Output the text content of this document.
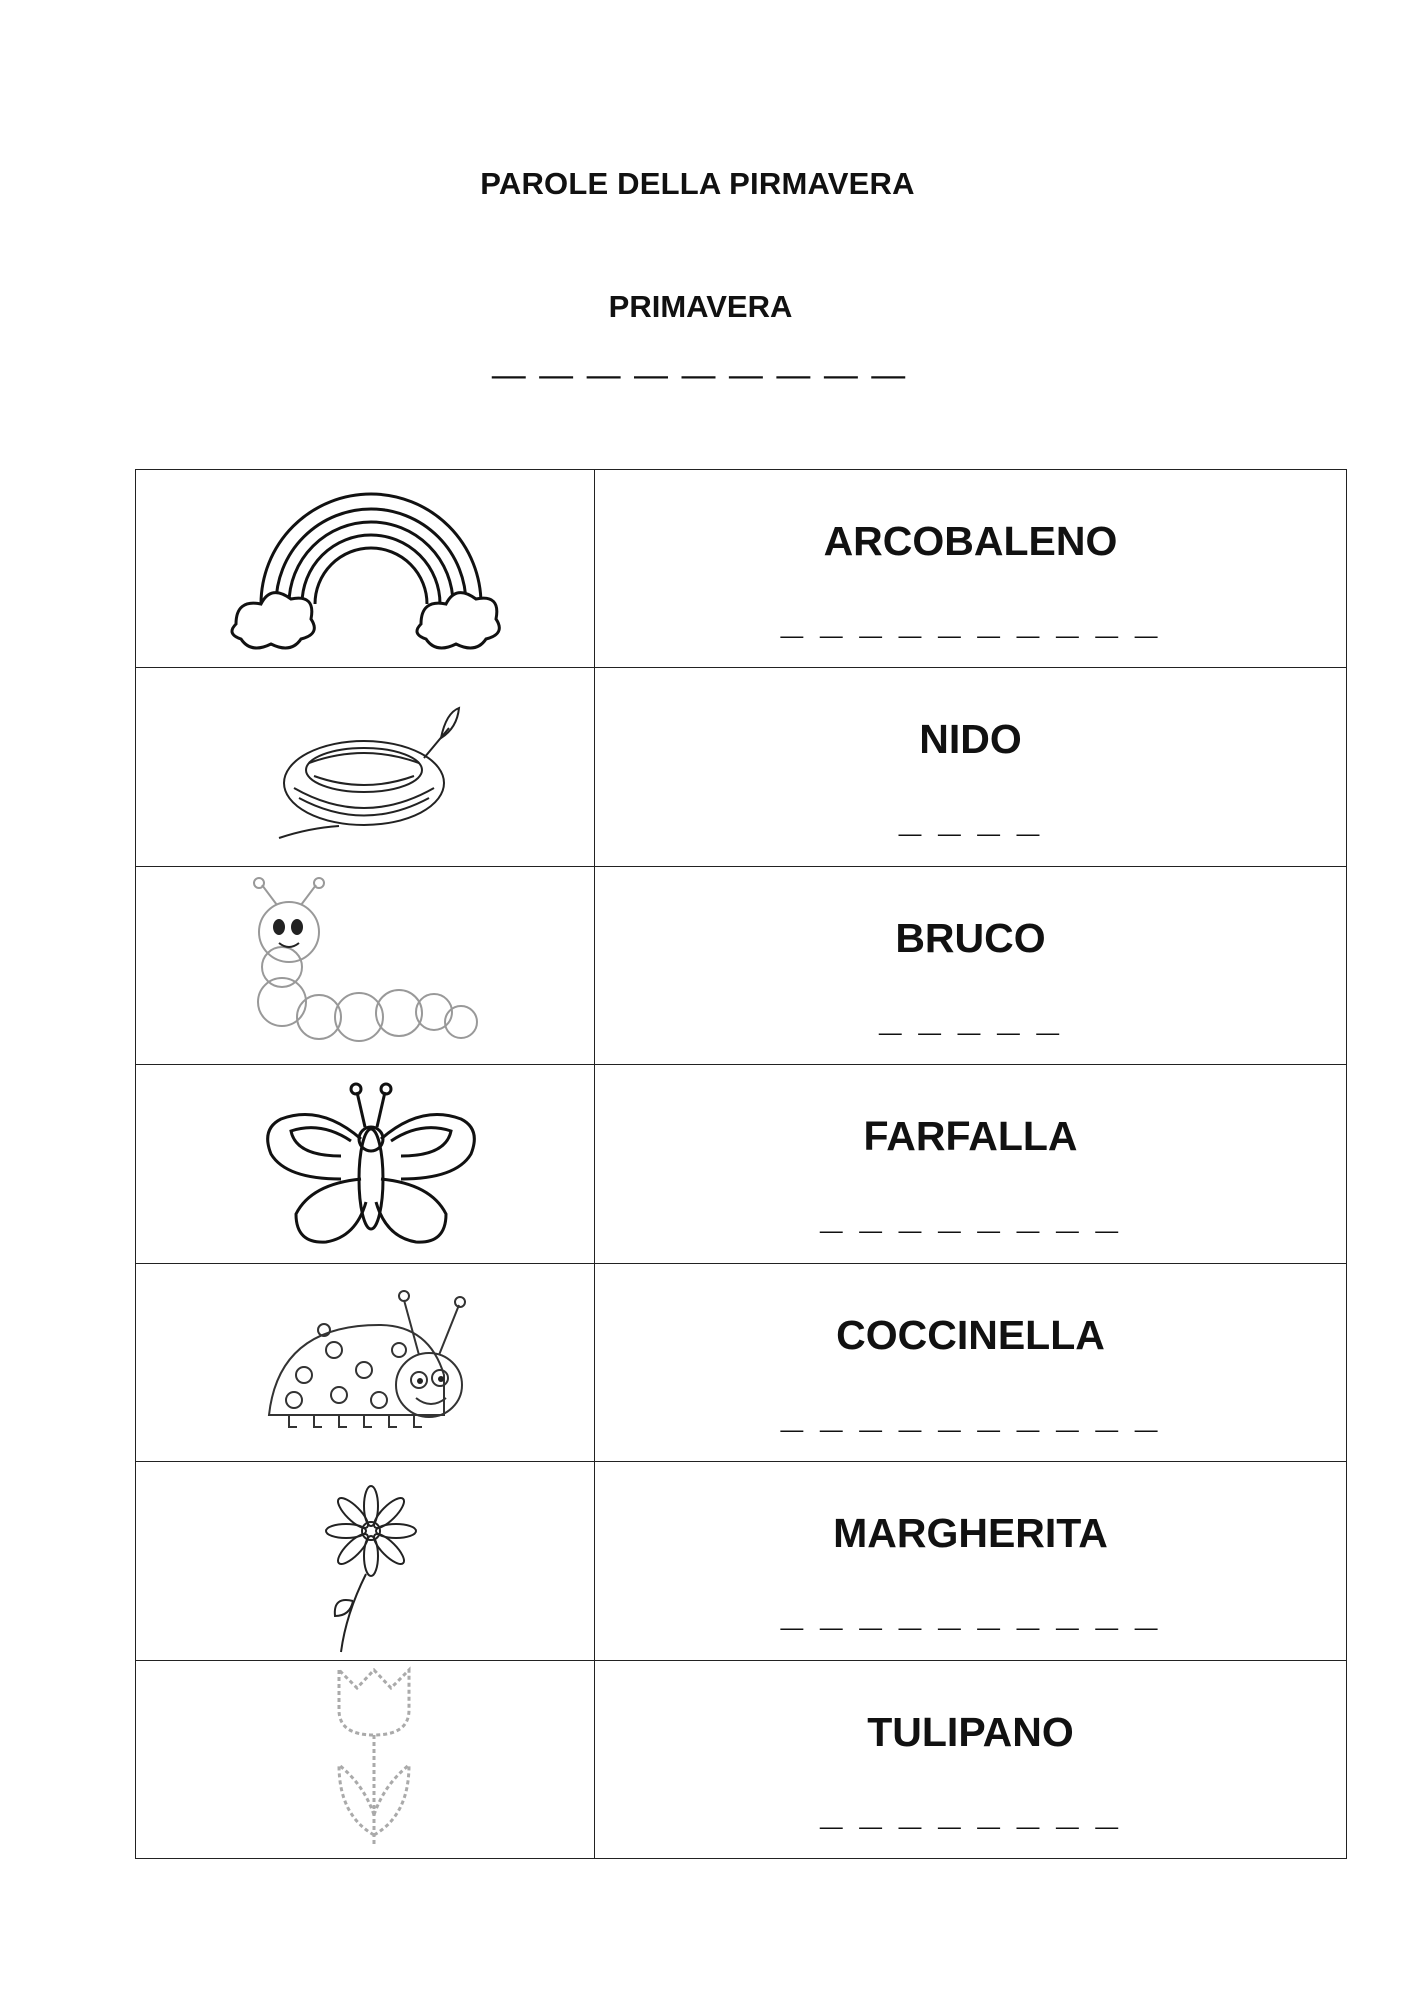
PAROLE DELLA PIRMAVERA
PRIMAVERA
— — — — — — — — —

ARCOBALENO
_ _ _ _ _ _ _ _ _ _

NIDO
_ _ _ _

BRUCO
_ _ _ _ _

FARFALLA
_ _ _ _ _ _ _ _

COCCINELLA
_ _ _ _ _ _ _ _ _ _

MARGHERITA
_ _ _ _ _ _ _ _ _ _

TULIPANO
_ _ _ _ _ _ _ _
